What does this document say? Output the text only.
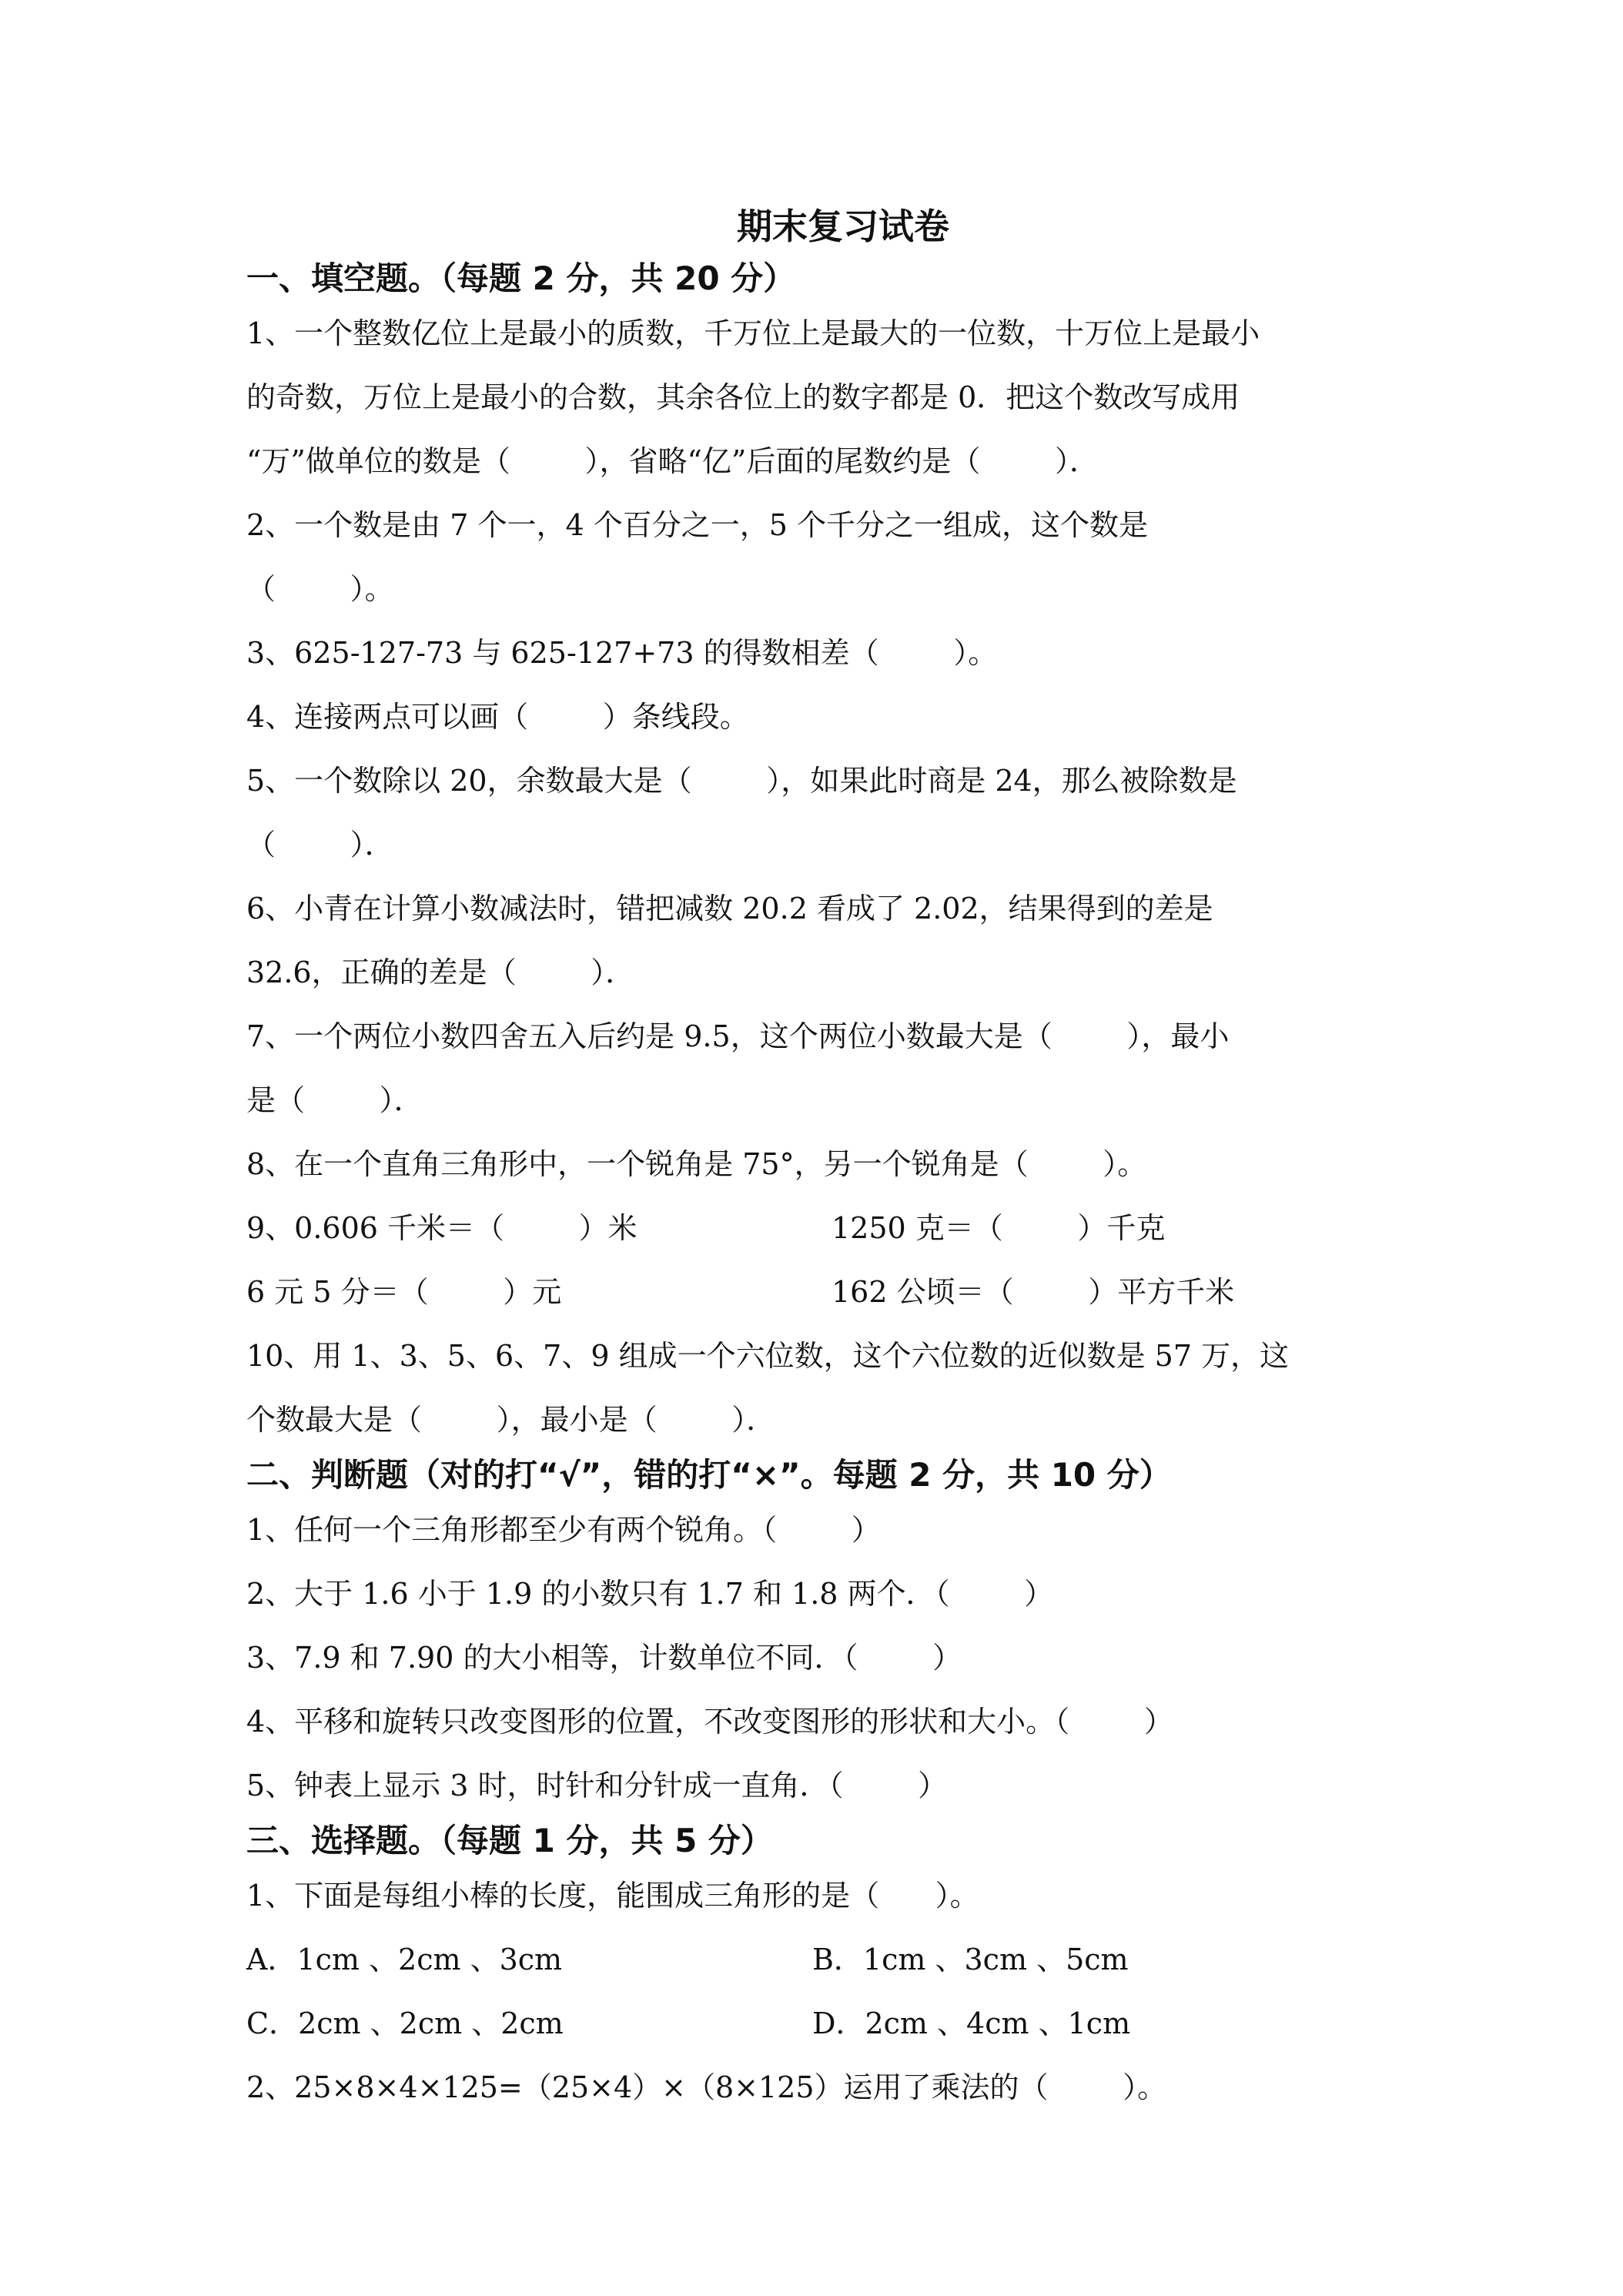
期末复习试卷
一、填空题。（每题 2 分，共 20 分）
1、一个整数亿位上是最小的质数，千万位上是最大的一位数，十万位上是最小
的奇数，万位上是最小的合数，其余各位上的数字都是 0．把这个数改写成用
“万”做单位的数是（        ），省略“亿”后面的尾数约是（        ）．
2、一个数是由 7 个一，4 个百分之一，5 个千分之一组成，这个数是
（        ）。
3、625-127-73 与 625-127+73 的得数相差（        ）。
4、连接两点可以画（        ）条线段。
5、一个数除以 20，余数最大是（        ），如果此时商是 24，那么被除数是
（        ）．
6、小青在计算小数减法时，错把减数 20.2 看成了 2.02，结果得到的差是
32.6，正确的差是（        ）．
7、一个两位小数四舍五入后约是 9.5，这个两位小数最大是（        ），最小
是（        ）．
8、在一个直角三角形中，一个锐角是 75°，另一个锐角是（        ）。
9、0.606 千米＝（        ）米	1250 克＝（        ）千克
6 元 5 分＝（        ）元	162 公顷＝（        ）平方千米
10、用 1、3、5、6、7、9 组成一个六位数，这个六位数的近似数是 57 万，这
个数最大是（        ），最小是（        ）．
二、判断题（对的打“√”，错的打“×”。每题 2 分，共 10 分）
1、任何一个三角形都至少有两个锐角。（        ）
2、大于 1.6 小于 1.9 的小数只有 1.7 和 1.8 两个．（        ）
3、7.9 和 7.90 的大小相等，计数单位不同．（        ）
4、平移和旋转只改变图形的位置，不改变图形的形状和大小。（        ）
5、钟表上显示 3 时，时针和分针成一直角．（        ）
三、选择题。（每题 1 分，共 5 分）
1、下面是每组小棒的长度，能围成三角形的是（      ）。
A．1cm 、2cm 、3cm	B．1cm 、3cm 、5cm
C．2cm 、2cm 、2cm	D．2cm 、4cm 、1cm
2、25×8×4×125=（25×4）×（8×125）运用了乘法的（        ）。
